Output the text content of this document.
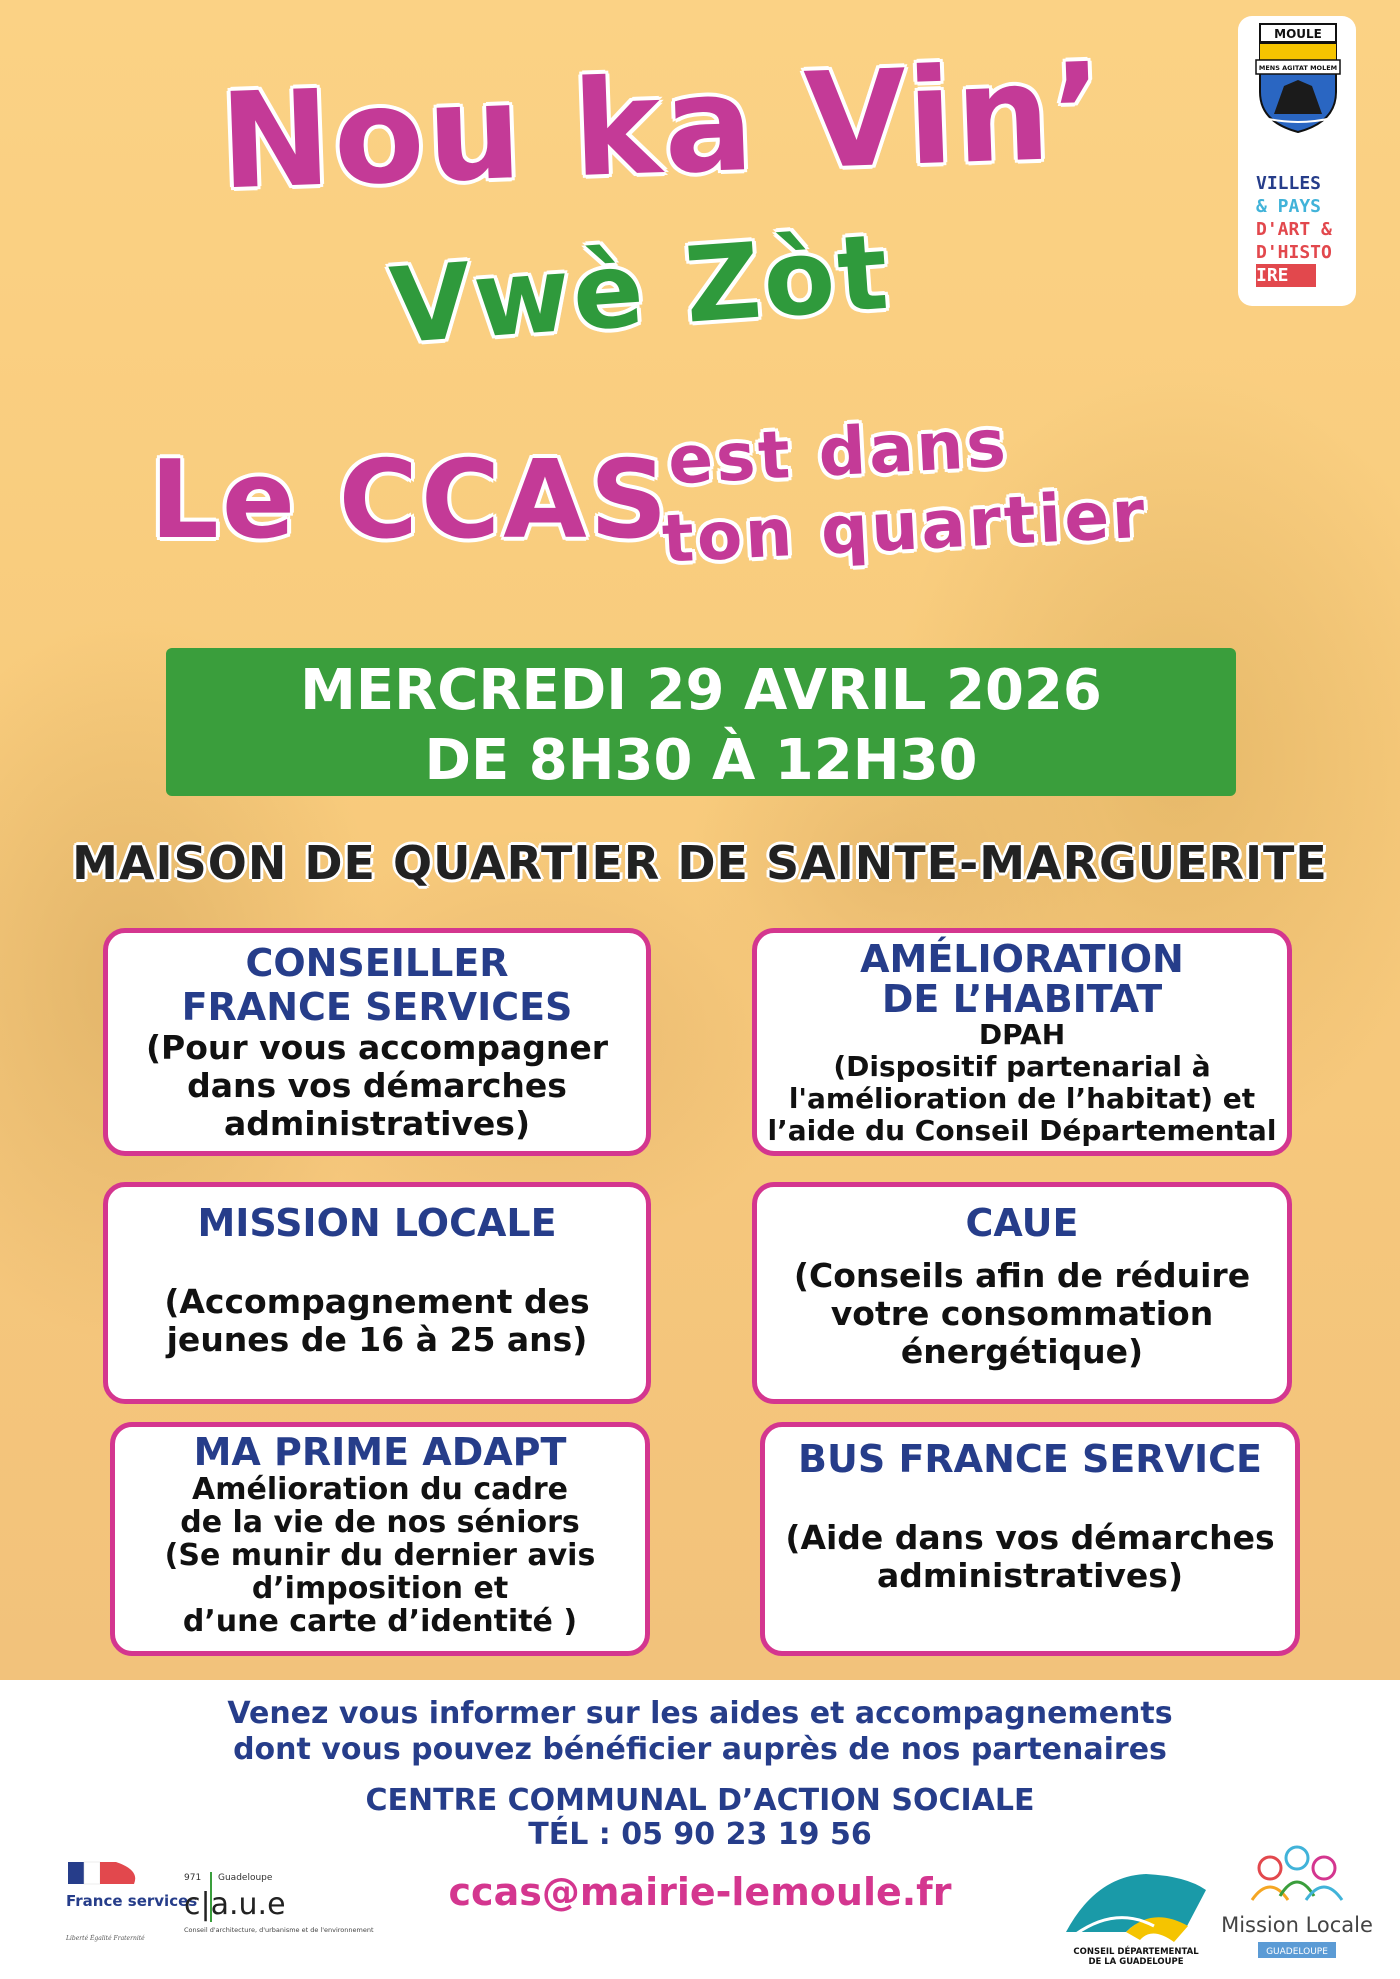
Nou ka Vin’
Vwè Zòt
Le CCAS
est dans
ton quartier
MOULE
MENS AGITAT MOLEM
VILLES
& PAYS
D'ART &
D'HISTO
IRE
MERCREDI 29 AVRIL 2026
DE 8H30 À 12H30
MAISON DE QUARTIER DE SAINTE-MARGUERITE
CONSEILLER
FRANCE SERVICES
(Pour vous accompagner
dans vos démarches
administratives)
AMÉLIORATION
DE L’HABITAT
DPAH
(Dispositif partenarial à
l'amélioration de l’habitat) et
l’aide du Conseil Départemental
MISSION LOCALE
(Accompagnement des
jeunes de 16 à 25 ans)
CAUE
(Conseils afin de réduire
votre consommation
énergétique)
MA PRIME ADAPT
Amélioration du cadre
de la vie de nos séniors
(Se munir du dernier avis
d’imposition et
d’une carte d’identité )
BUS FRANCE SERVICE
(Aide dans vos démarches
administratives)
Venez vous informer sur les aides et accompagnements
dont vous pouvez bénéficier auprès de nos partenaires
CENTRE COMMUNAL D’ACTION SOCIALE
TÉL : 05 90 23 19 56
ccas@mairie-lemoule.fr
France services
Liberté Égalité Fraternité
971 Guadeloupe
c|a.u.e
Conseil d'architecture, d'urbanisme et de l'environnement
CONSEIL DÉPARTEMENTAL
DE LA GUADELOUPE
Mission Locale
GUADELOUPE
